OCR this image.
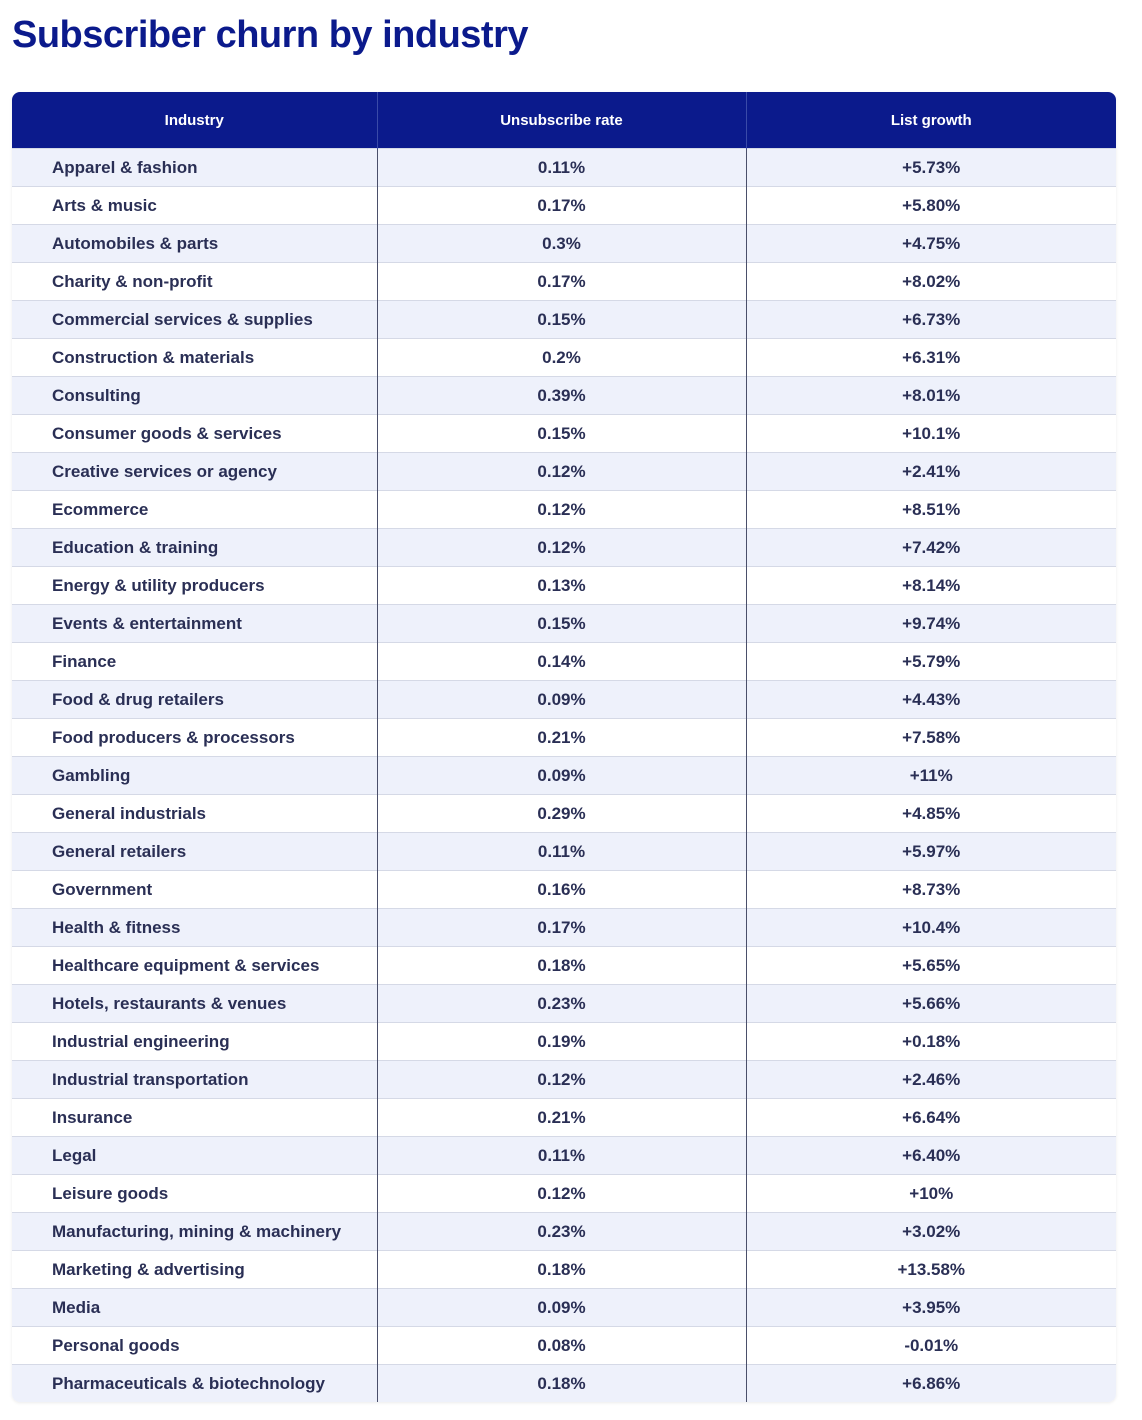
Subscriber churn by industry
Industry	Unsubscribe rate	List growth
Apparel & fashion	0.11%	+5.73%
Arts & music	0.17%	+5.80%
Automobiles & parts	0.3%	+4.75%
Charity & non-profit	0.17%	+8.02%
Commercial services & supplies	0.15%	+6.73%
Construction & materials	0.2%	+6.31%
Consulting	0.39%	+8.01%
Consumer goods & services	0.15%	+10.1%
Creative services or agency	0.12%	+2.41%
Ecommerce	0.12%	+8.51%
Education & training	0.12%	+7.42%
Energy & utility producers	0.13%	+8.14%
Events & entertainment	0.15%	+9.74%
Finance	0.14%	+5.79%
Food & drug retailers	0.09%	+4.43%
Food producers & processors	0.21%	+7.58%
Gambling	0.09%	+11%
General industrials	0.29%	+4.85%
General retailers	0.11%	+5.97%
Government	0.16%	+8.73%
Health & fitness	0.17%	+10.4%
Healthcare equipment & services	0.18%	+5.65%
Hotels, restaurants & venues	0.23%	+5.66%
Industrial engineering	0.19%	+0.18%
Industrial transportation	0.12%	+2.46%
Insurance	0.21%	+6.64%
Legal	0.11%	+6.40%
Leisure goods	0.12%	+10%
Manufacturing, mining & machinery	0.23%	+3.02%
Marketing & advertising	0.18%	+13.58%
Media	0.09%	+3.95%
Personal goods	0.08%	-0.01%
Pharmaceuticals & biotechnology	0.18%	+6.86%
